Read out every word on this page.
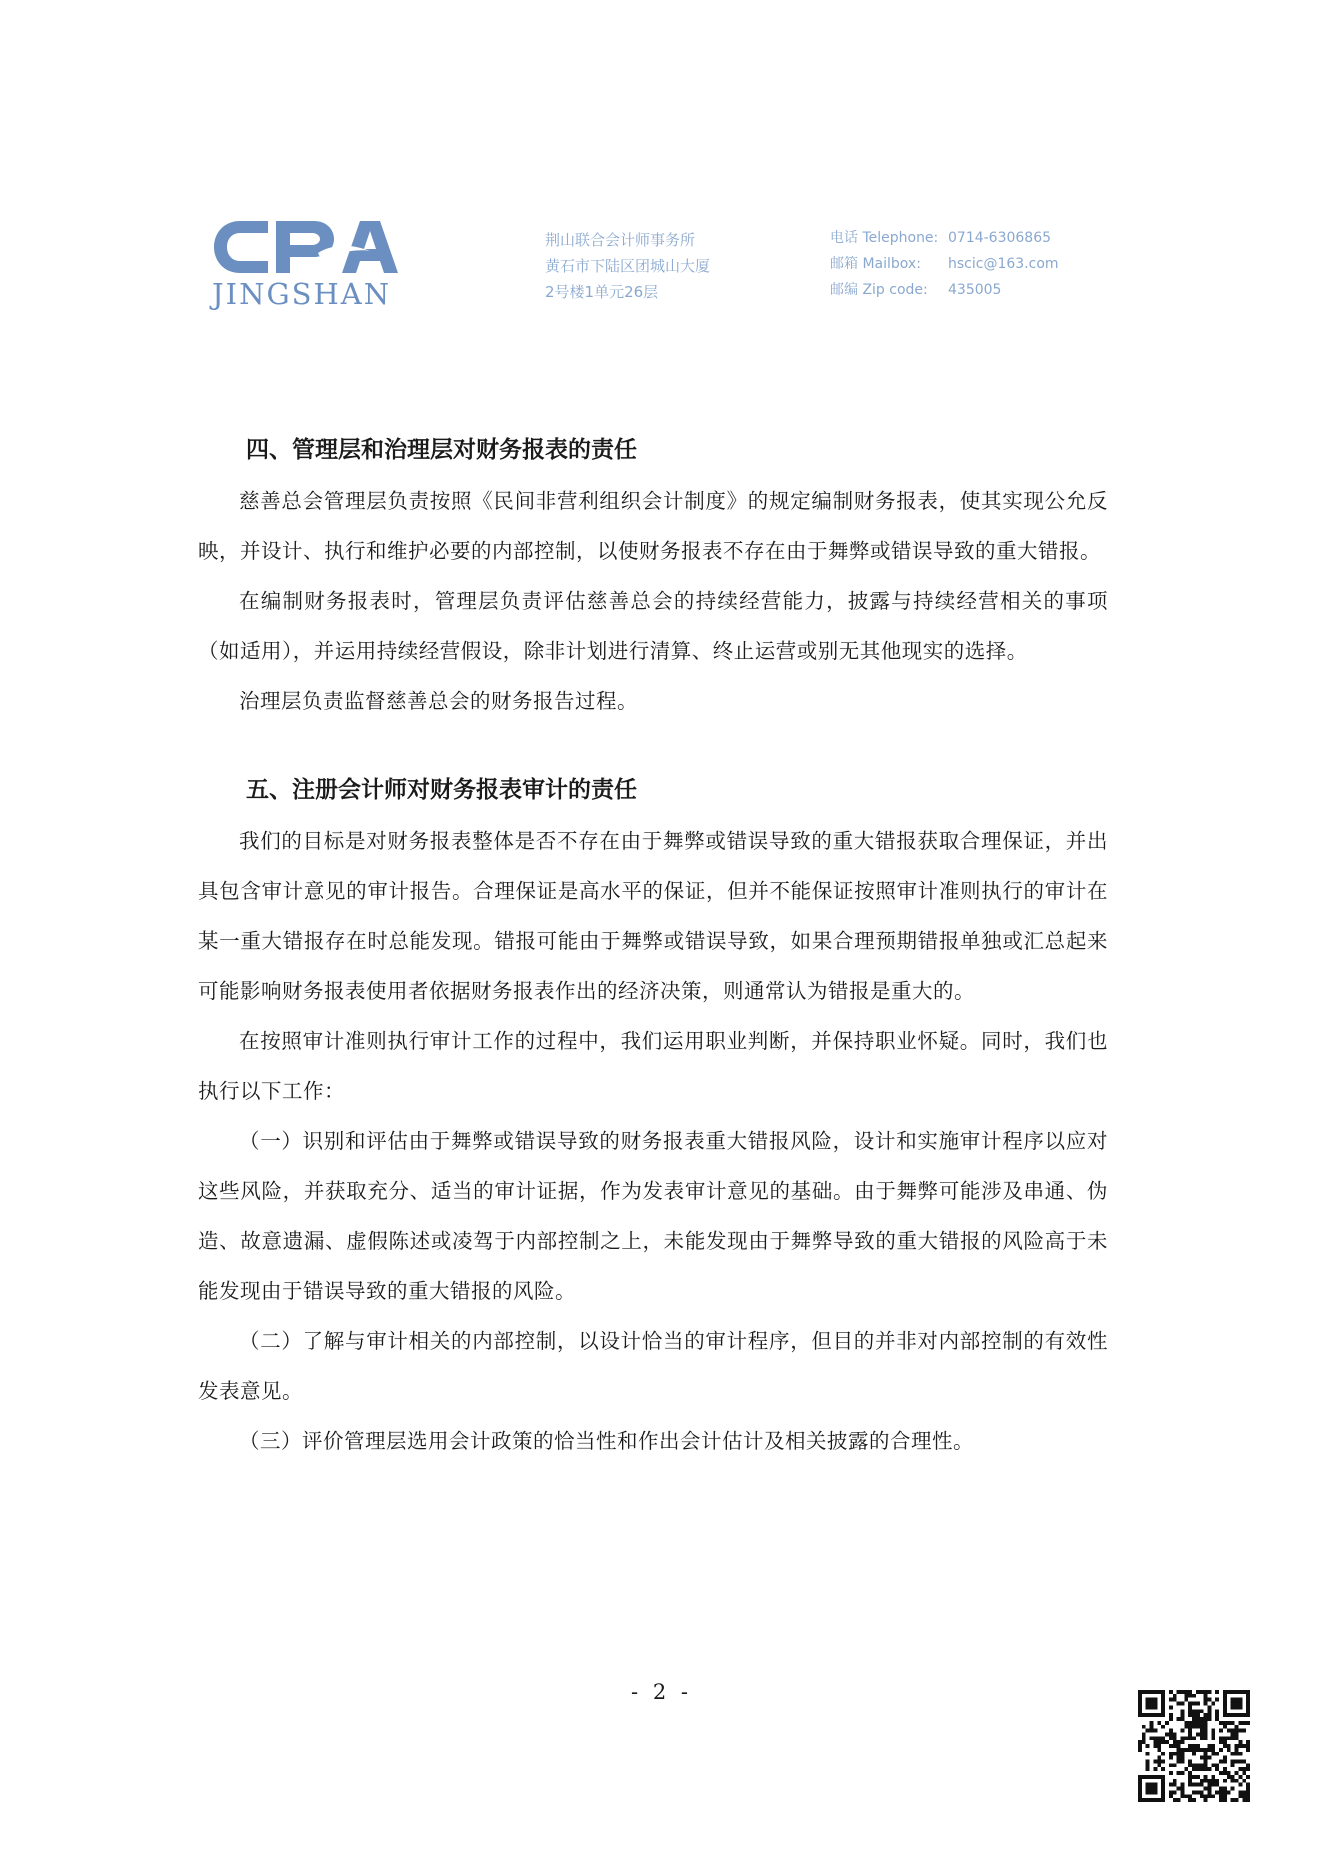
JINGSHAN
荆山联合会计师事务所
黄石市下陆区团城山大厦
2号楼1单元26层
电话 Telephone: 0714-6306865
邮箱 Mailbox: hscic@163.com
邮编 Zip code: 435005
四、管理层和治理层对财务报表的责任

慈善总会管理层负责按照《民间非营利组织会计制度》的规定编制财务报表，使其实现公允反映，并设计、执行和维护必要的内部控制，以使财务报表不存在由于舞弊或错误导致的重大错报。

在编制财务报表时，管理层负责评估慈善总会的持续经营能力，披露与持续经营相关的事项（如适用），并运用持续经营假设，除非计划进行清算、终止运营或别无其他现实的选择。

治理层负责监督慈善总会的财务报告过程。

五、注册会计师对财务报表审计的责任

我们的目标是对财务报表整体是否不存在由于舞弊或错误导致的重大错报获取合理保证，并出具包含审计意见的审计报告。合理保证是高水平的保证，但并不能保证按照审计准则执行的审计在某一重大错报存在时总能发现。错报可能由于舞弊或错误导致，如果合理预期错报单独或汇总起来可能影响财务报表使用者依据财务报表作出的经济决策，则通常认为错报是重大的。

在按照审计准则执行审计工作的过程中，我们运用职业判断，并保持职业怀疑。同时，我们也执行以下工作：

（一）识别和评估由于舞弊或错误导致的财务报表重大错报风险，设计和实施审计程序以应对这些风险，并获取充分、适当的审计证据，作为发表审计意见的基础。由于舞弊可能涉及串通、伪造、故意遗漏、虚假陈述或凌驾于内部控制之上，未能发现由于舞弊导致的重大错报的风险高于未能发现由于错误导致的重大错报的风险。

（二）了解与审计相关的内部控制，以设计恰当的审计程序，但目的并非对内部控制的有效性发表意见。

（三）评价管理层选用会计政策的恰当性和作出会计估计及相关披露的合理性。

- 2 -
